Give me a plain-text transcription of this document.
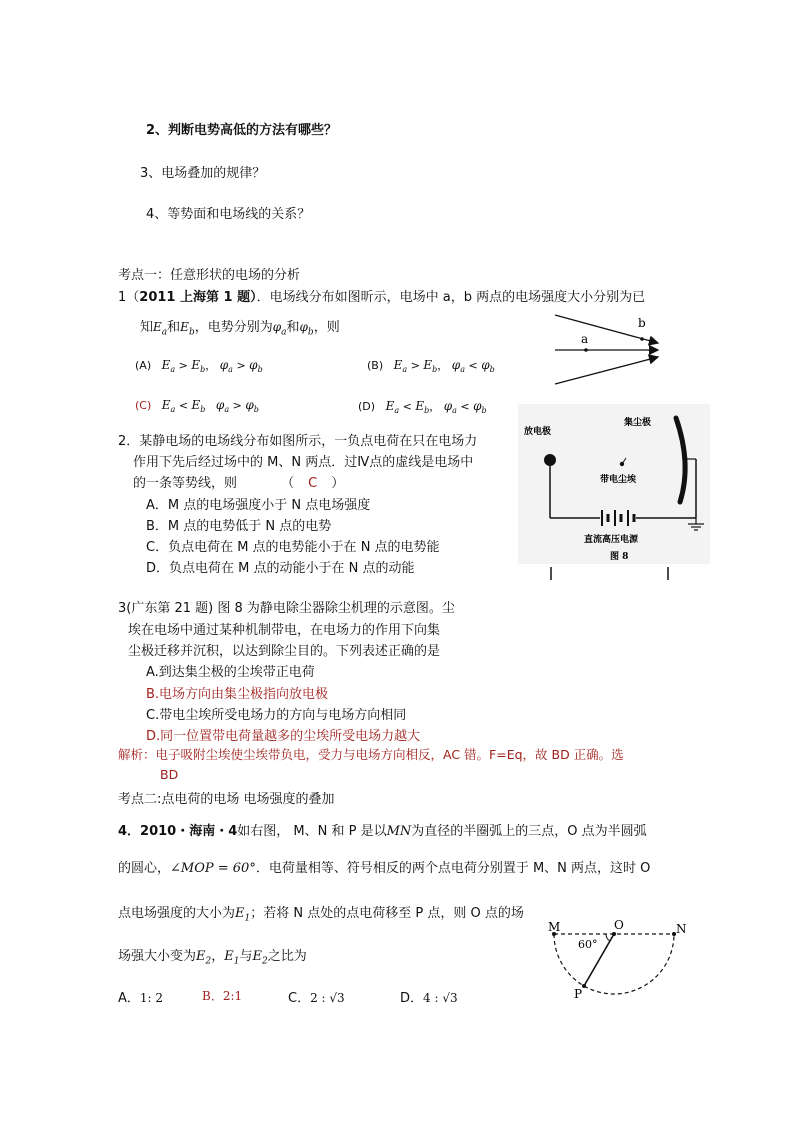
2、判断电势高低的方法有哪些？
3、电场叠加的规律？
4、等势面和电场线的关系？
考点一：任意形状的电场的分析
1（2011 上海第 1 题）．电场线分布如图昕示，电场中 a，b 两点的电场强度大小分别为已
知$E_a$和$E_b$，电势分别为$\varphi_a$和$\varphi_b$，则
(A) $E_a > E_b$， $\varphi_a > \varphi_b$	(B) $E_a > E_b$， $\varphi_a < \varphi_b$
(C) $E_a < E_b$ $\varphi_a > \varphi_b$	(D) $E_a < E_b$， $\varphi_a < \varphi_b$
a
b
2．某静电场的电场线分布如图所示，一负点电荷在只在电场力
作用下先后经过场中的 M、N 两点．过Ⅳ点的虚线是电场中
的一条等势线，则	（ C ）
A．M 点的电场强度小于 N 点电场强度
B．M 点的电势低于 N 点的电势
C．负点电荷在 M 点的电势能小于在 N 点的电势能
D．负点电荷在 M 点的动能小于在 N 点的动能
放电极
集尘极
带电尘埃
直流高压电源
图 8
3(广东第 21 题) 图 8 为静电除尘器除尘机理的示意图。尘
埃在电场中通过某种机制带电，在电场力的作用下向集
尘极迁移并沉积，以达到除尘目的。下列表述正确的是
A.到达集尘极的尘埃带正电荷
B.电场方向由集尘极指向放电极
C.带电尘埃所受电场力的方向与电场方向相同
D.同一位置带电荷量越多的尘埃所受电场力越大
解析：电子吸附尘埃使尘埃带负电，受力与电场方向相反，AC 错。F=Eq，故 BD 正确。选
BD
考点二:点电荷的电场 电场强度的叠加
4．2010・海南・4如右图， M、N 和 P 是以MN为直径的半圈弧上的三点，O 点为半圆弧
的圆心，∠MOP = 60°．电荷量相等、符号相反的两个点电荷分别置于 M、N 两点，这时 O
点电场强度的大小为$E_1$；若将 N 点处的点电荷移至 P 点，则 O 点的场
场强大小变为$E_2$，$E_1$与$E_2$之比为
A．1: 2	B．2:1	C．2 : √3	D．4 : √3
M	O	N
P
60°
